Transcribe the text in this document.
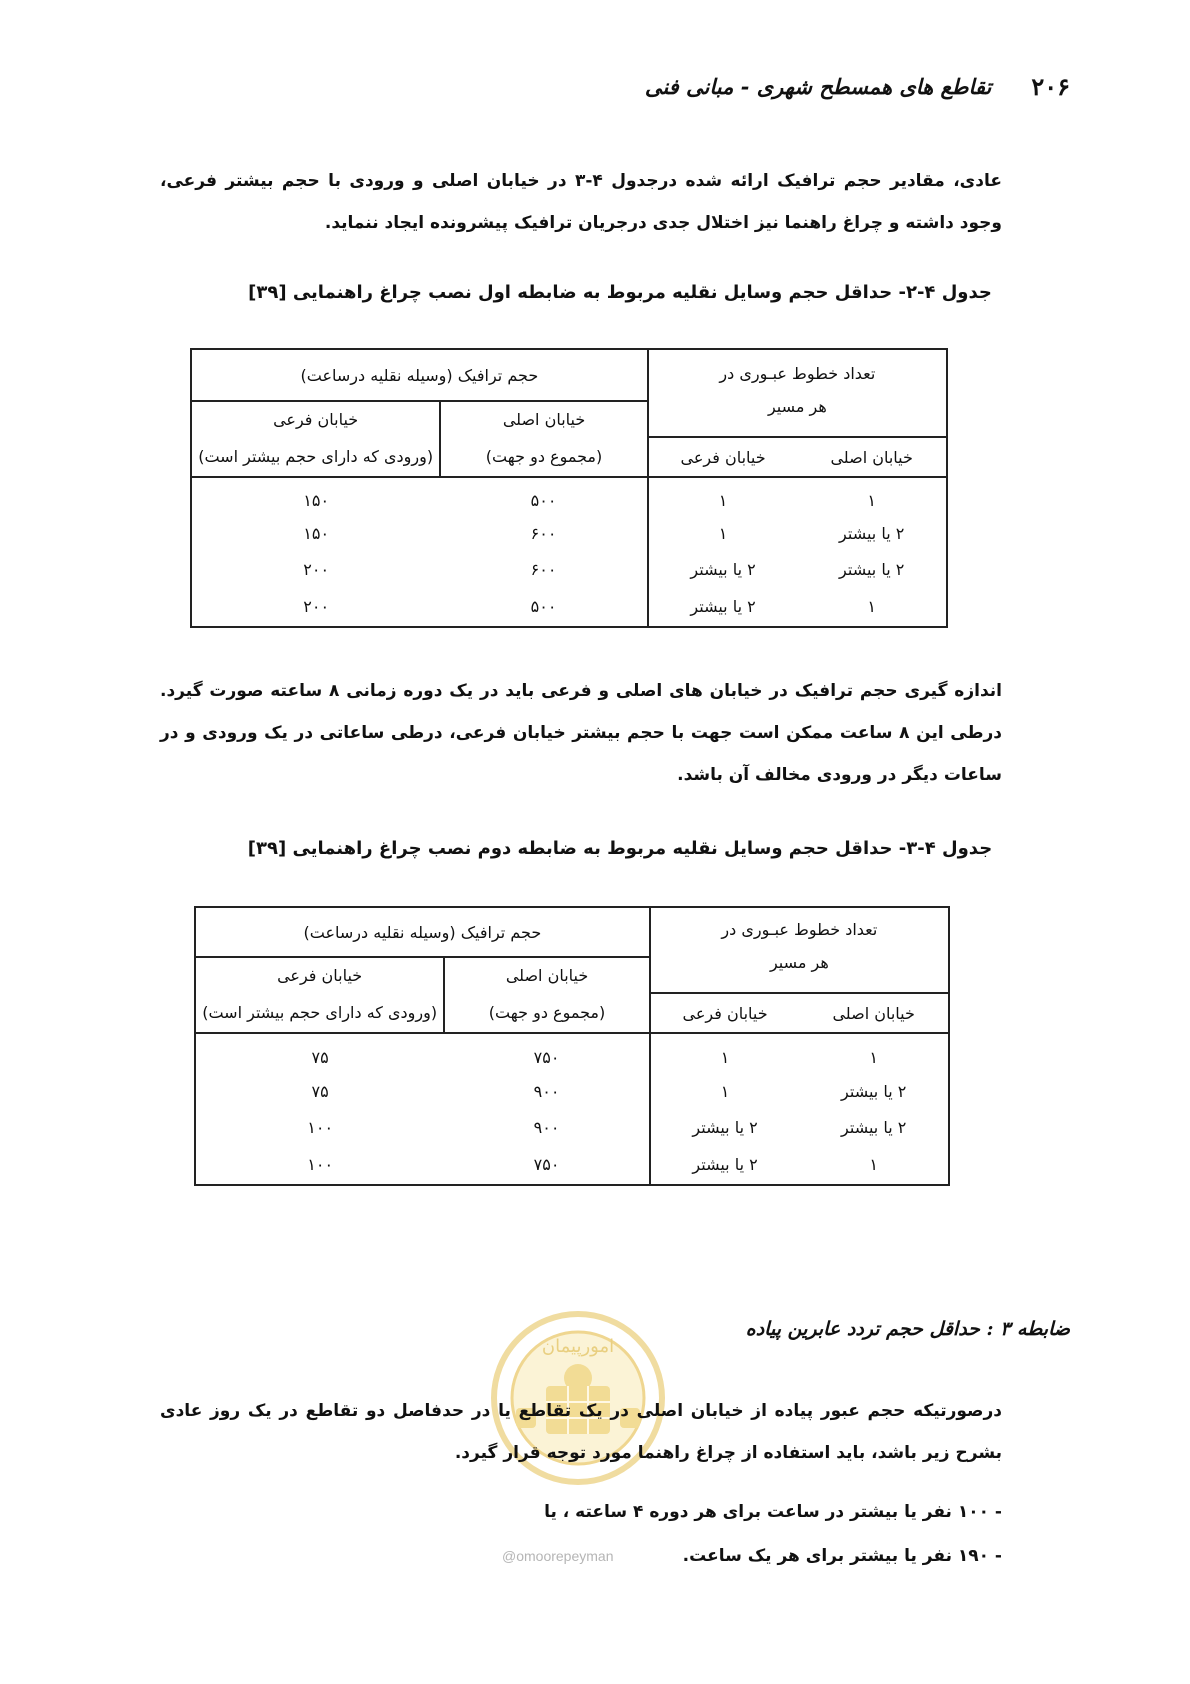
۲۰۶
تقاطع های همسطح شهری - مبانی فنی
عادی، مقادیر حجم ترافیک ارائه شده درجدول ۴-۳ در خیابان اصلی و ورودی با حجم بیشتر فرعی، وجود داشته و چراغ راهنما نیز اختلال جدی درجریان ترافیک پیشرونده ایجاد ننماید.
جدول ۴-۲- حداقل حجم وسایل نقلیه مربوط به ضابطه اول نصب چراغ راهنمایی [۳۹]
تعداد خطوط عبـوری در
هر مسیر		حجم ترافیک (وسیله نقلیه درساعت)	
		خیابان اصلی	خیابان فرعی
خیابان اصلی	خیابان فرعی	(مجموع دو جهت)	(ورودی که دارای حجم بیشتر است)
۱	۱	۵۰۰	۱۵۰
۲ یا بیشتر	۱	۶۰۰	۱۵۰
۲ یا بیشتر	۲ یا بیشتر	۶۰۰	۲۰۰
۱	۲ یا بیشتر	۵۰۰	۲۰۰
اندازه گیری حجم ترافیک در خیابان های اصلی و فرعی باید در یک دوره زمانی ۸ ساعته صورت گیرد. درطی این ۸ ساعت ممکن است جهت با حجم بیشتر خیابان فرعی، درطی ساعاتی در یک ورودی و در ساعات دیگر در ورودی مخالف آن باشد.
جدول ۴-۳- حداقل حجم وسایل نقلیه مربوط به ضابطه دوم نصب چراغ راهنمایی [۳۹]
تعداد خطوط عبـوری در
هر مسیر		حجم ترافیک (وسیله نقلیه درساعت)	
		خیابان اصلی	خیابان فرعی
خیابان اصلی	خیابان فرعی	(مجموع دو جهت)	(ورودی که دارای حجم بیشتر است)
۱	۱	۷۵۰	۷۵
۲ یا بیشتر	۱	۹۰۰	۷۵
۲ یا بیشتر	۲ یا بیشتر	۹۰۰	۱۰۰
۱	۲ یا بیشتر	۷۵۰	۱۰۰
امورپیمان
ضابطه ۳ : حداقل حجم تردد عابرین پیاده
درصورتیکه حجم عبور پیاده از خیابان اصلی در یک تقاطع یا در حدفاصل دو تقاطع در یک روز عادی بشرح زیر باشد، باید استفاده از چراغ راهنما مورد توجه قرار گیرد.
- ۱۰۰ نفر یا بیشتر در ساعت برای هر دوره ۴ ساعته ، یا
- ۱۹۰ نفر یا بیشتر برای هر یک ساعت.
@omoorepeyman
